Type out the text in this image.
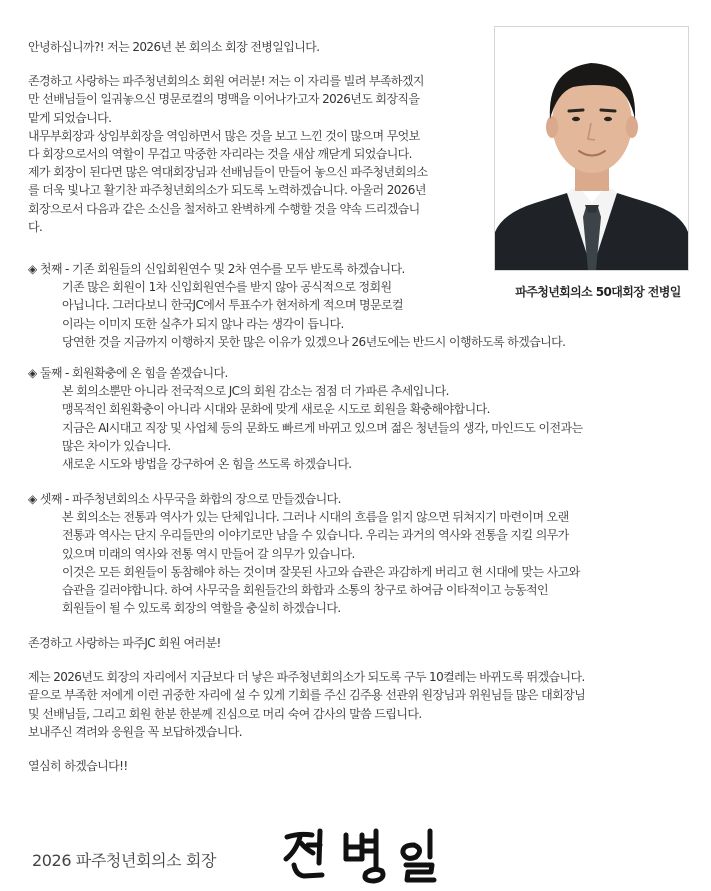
안녕하십니까?! 저는 2026년 본 회의소 회장 전병일입니다.

존경하고 사랑하는 파주청년회의소 회원 여러분! 저는 이 자리를 빌려 부족하겠지

만 선배님들이 일궈놓으신 명문로컬의 명맥을 이어나가고자 2026년도 회장직을

맡게 되었습니다.

내무부회장과 상임부회장을 역임하면서 많은 것을 보고 느낀 것이 많으며 무엇보

다 회장으로서의 역할이 무겁고 막중한 자리라는 것을 새삼 깨닫게 되었습니다.

제가 회장이 된다면 많은 역대회장님과 선배님들이 만들어 놓으신 파주청년회의소

를 더욱 빛나고 활기찬 파주청년회의소가 되도록 노력하겠습니다. 아울러 2026년

회장으로서 다음과 같은 소신을 철저하고 완벽하게 수행할 것을 약속 드리겠습니

다.

파주청년회의소 50대회장 전병일

◈ 첫째 - 기존 회원들의 신입회원연수 및 2차 연수를 모두 받도록 하겠습니다.

기존 많은 회원이 1차 신입회원연수를 받지 않아 공식적으로 정회원

아닙니다. 그러다보니 한국JC에서 투표수가 현저하게 적으며 명문로컬

이라는 이미지 또한 실추가 되지 않나 라는 생각이 듭니다.

당연한 것을 지금까지 이행하지 못한 많은 이유가 있겠으나 26년도에는 반드시 이행하도록 하겠습니다.

◈ 둘째 - 회원확충에 온 힘을 쏟겠습니다.

본 회의소뿐만 아니라 전국적으로 JC의 회원 감소는 점점 더 가파른 추세입니다.

맹목적인 회원확충이 아니라 시대와 문화에 맞게 새로운 시도로 회원을 확충해야합니다.

지금은 AI시대고 직장 및 사업체 등의 문화도 빠르게 바뀌고 있으며 젊은 청년들의 생각, 마인드도 이전과는

많은 차이가 있습니다.

새로운 시도와 방법을 강구하여 온 힘을 쓰도록 하겠습니다.

◈ 셋째 - 파주청년회의소 사무국을 화합의 장으로 만들겠습니다.

본 회의소는 전통과 역사가 있는 단체입니다. 그러나 시대의 흐름을 읽지 않으면 뒤쳐지기 마련이며 오랜

전통과 역사는 단지 우리들만의 이야기로만 남을 수 있습니다. 우리는 과거의 역사와 전통을 지킬 의무가

있으며 미래의 역사와 전통 역시 만들어 갈 의무가 있습니다.

이것은 모든 회원들이 동참해야 하는 것이며 잘못된 사고와 습관은 과감하게 버리고 현 시대에 맞는 사고와

습관을 길러야합니다. 하여 사무국을 회원들간의 화합과 소통의 창구로 하여금 이타적이고 능동적인

회원들이 될 수 있도록 회장의 역할을 충실히 하겠습니다.

존경하고 사랑하는 파주JC 회원 여러분!

제는 2026년도 회장의 자리에서 지금보다 더 낳은 파주청년회의소가 되도록 구두 10켤레는 바뀌도록 뛰겠습니다.

끝으로 부족한 저에게 이런 귀중한 자리에 설 수 있게 기회를 주신 김주용 선관위 원장님과 위원님들 많은 대회장님

및 선배님들, 그리고 회원 한분 한분께 진심으로 머리 숙여 감사의 말씀 드립니다.

보내주신 격려와 응원을 꼭 보답하겠습니다.

열심히 하겠습니다!!

2026 파주청년회의소 회장
